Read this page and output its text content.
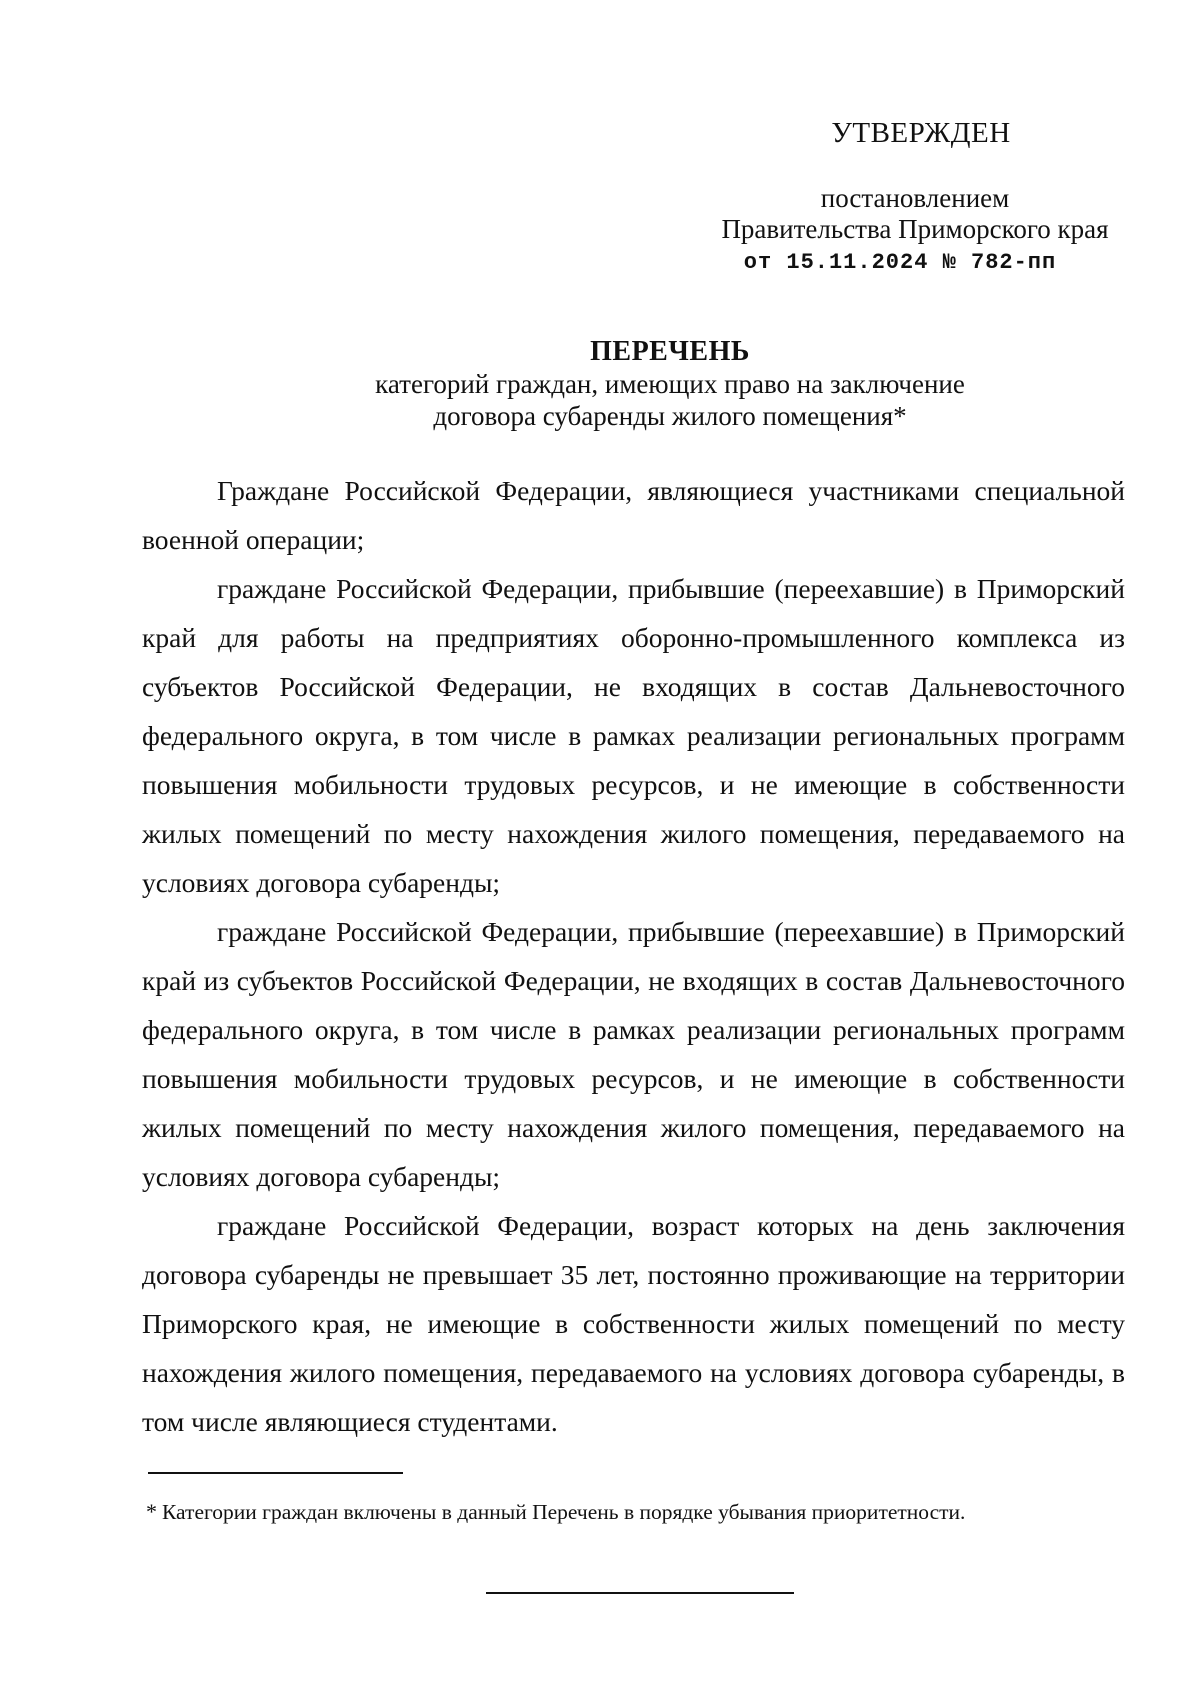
УТВЕРЖДЕН
постановлением
Правительства Приморского края
от 15.11.2024 № 782-пп
ПЕРЕЧЕНЬ
категорий граждан, имеющих право на заключение
договора субаренды жилого помещения*

Граждане Российской Федерации, являющиеся участниками специальной военной операции;

граждане Российской Федерации, прибывшие (переехавшие) в Приморский край для работы на предприятиях оборонно-промышленного комплекса из субъектов Российской Федерации, не входящих в состав Дальневосточного федерального округа, в том числе в рамках реализации региональных программ повышения мобильности трудовых ресурсов, и не имеющие в собственности жилых помещений по месту нахождения жилого помещения, передаваемого на условиях договора субаренды;

граждане Российской Федерации, прибывшие (переехавшие) в Приморский край из субъектов Российской Федерации, не входящих в состав Дальневосточного федерального округа, в том числе в рамках реализации региональных программ повышения мобильности трудовых ресурсов, и не имеющие в собственности жилых помещений по месту нахождения жилого помещения, передаваемого на условиях договора субаренды;

граждане Российской Федерации, возраст которых на день заключения договора субаренды не превышает 35 лет, постоянно проживающие на территории Приморского края, не имеющие в собственности жилых помещений по месту нахождения жилого помещения, передаваемого на условиях договора субаренды, в том числе являющиеся студентами.

* Категории граждан включены в данный Перечень в порядке убывания приоритетности.
